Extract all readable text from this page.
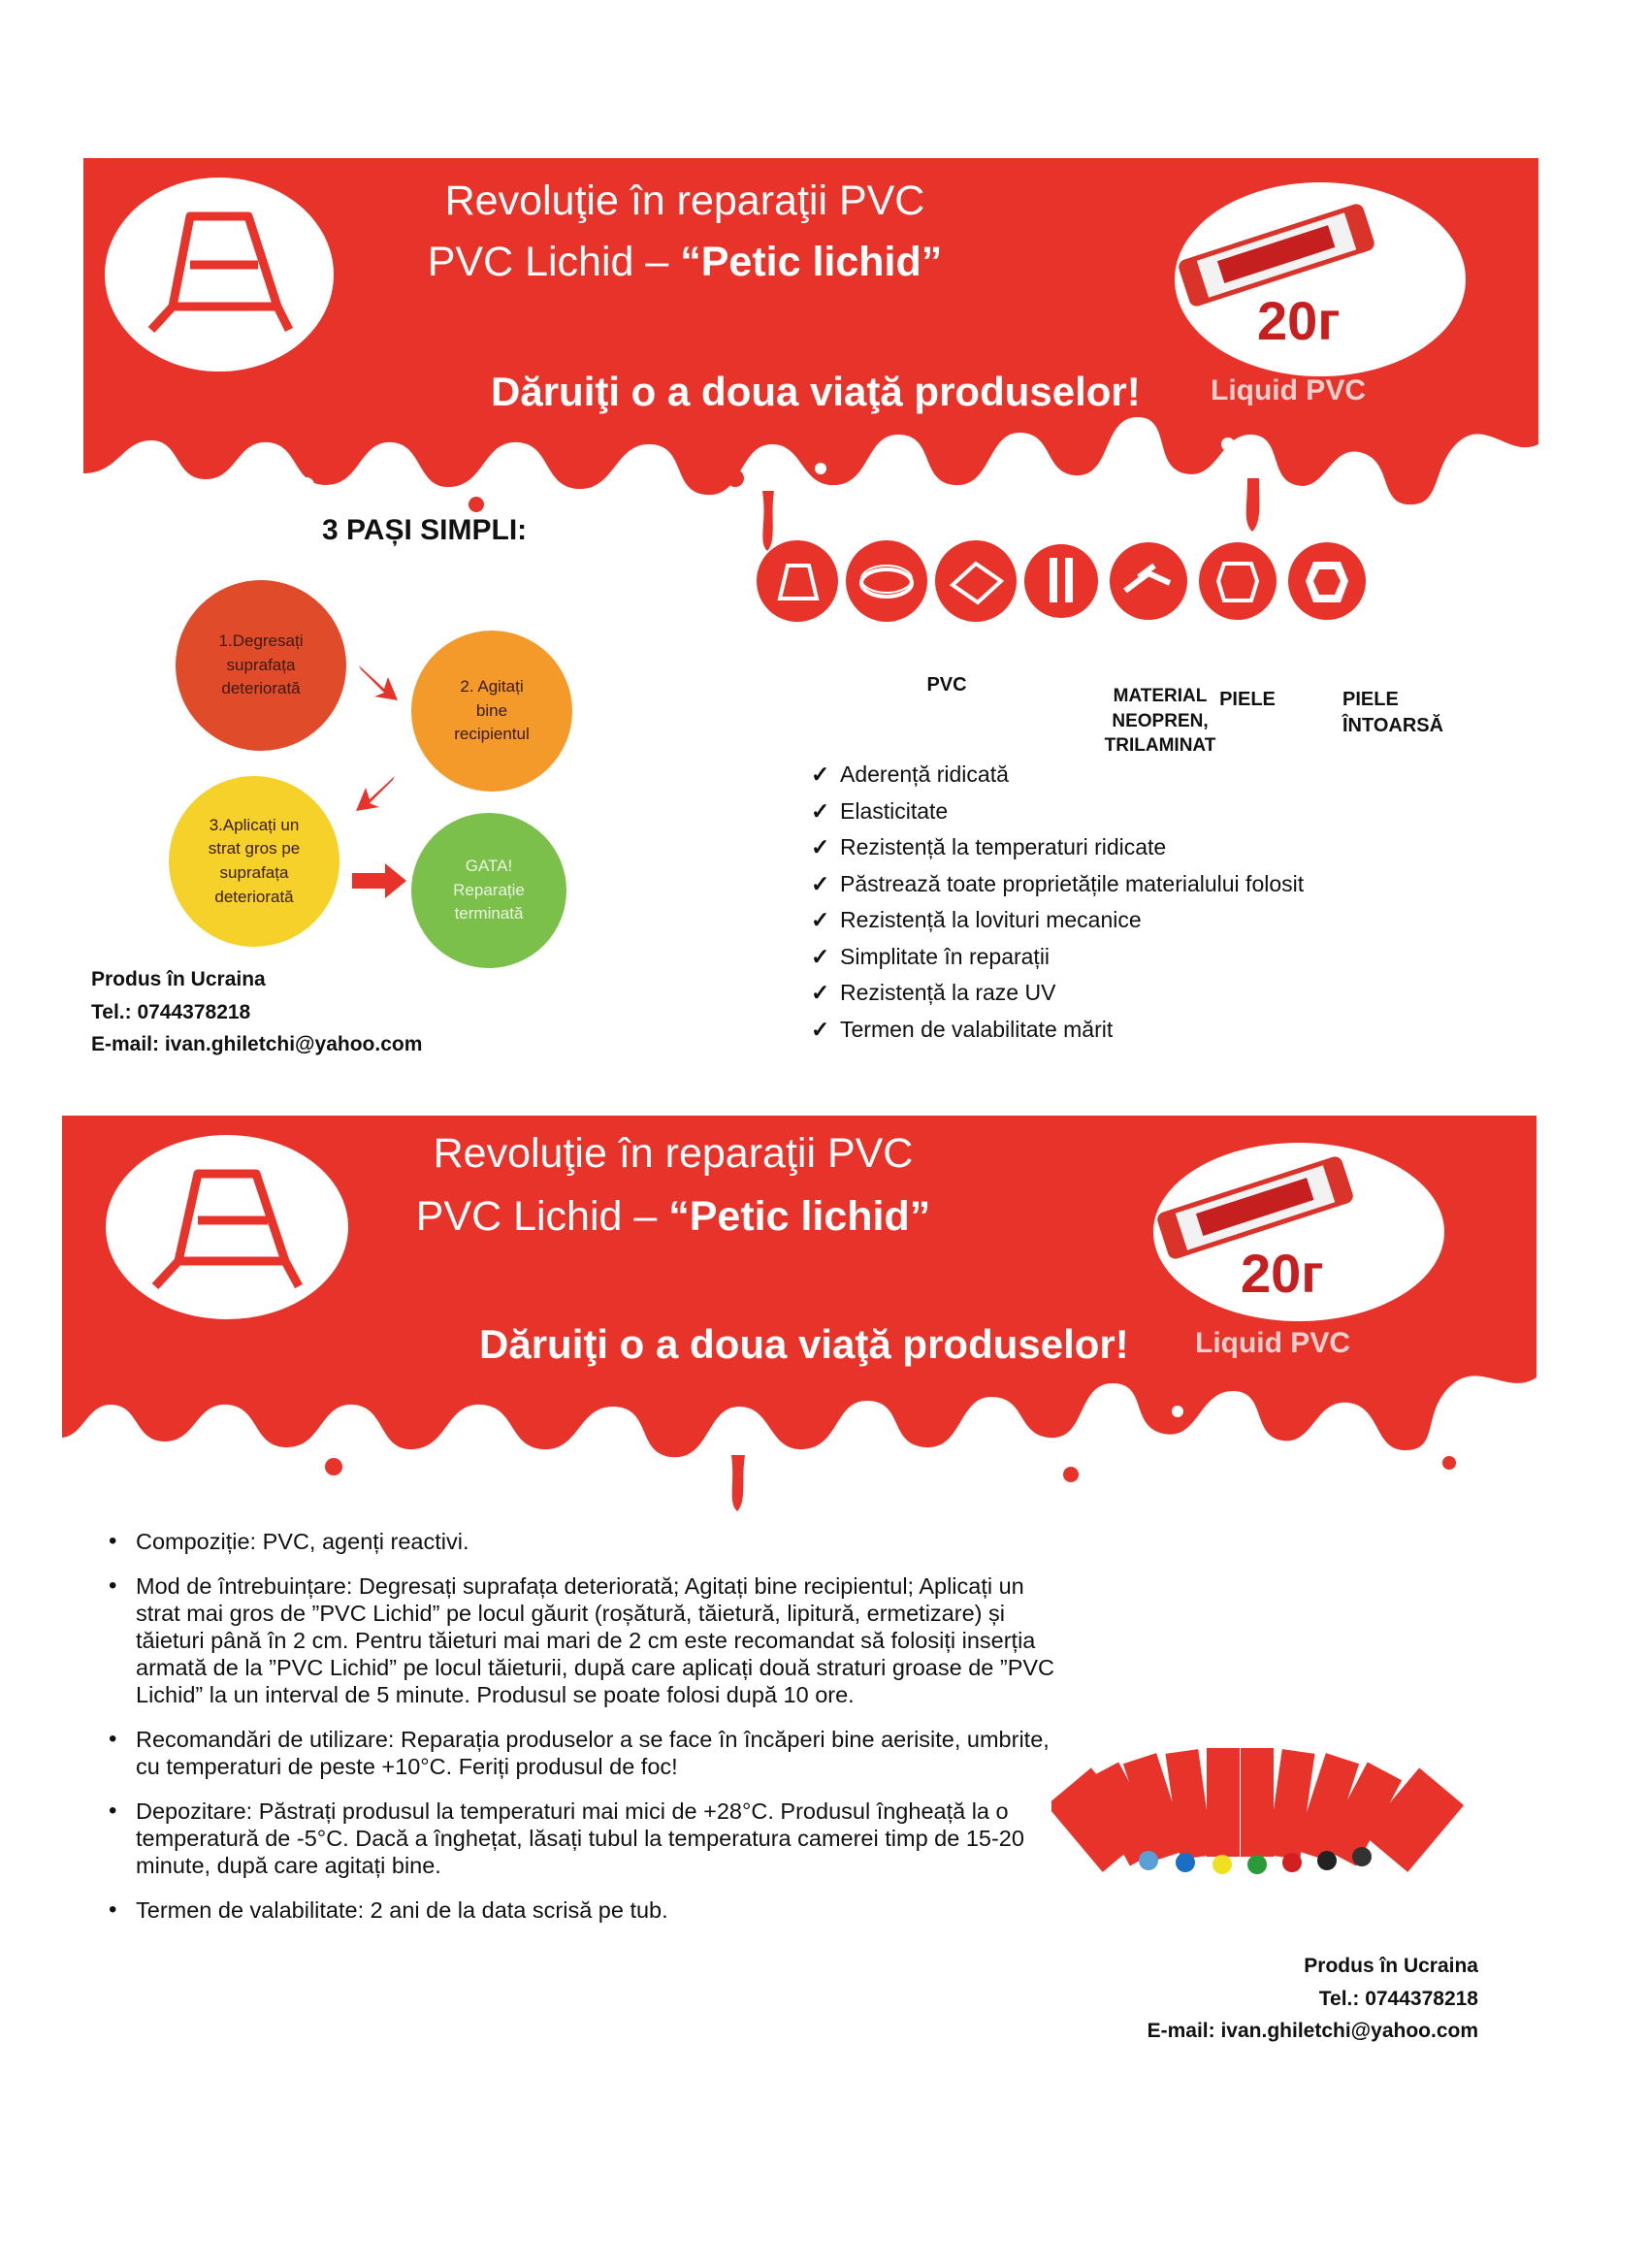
Revoluţie în reparaţii PVC
PVC Lichid – “Petic lichid”
20г
Dăruiţi o a doua viaţă produselor! Liquid PVC
3 PAȘI SIMPLI:
1.Degresați suprafața deteriorată	2. Agitați bine recipientul
3.Aplicați un strat gros pe suprafața deteriorată
GATA! Reparație terminată
Produs în Ucraina
Tel.: 0744378218
E-mail: ivan.ghiletchi@yahoo.com
PVC
MATERIAL NEOPREN, TRILAMINAT
PIELE	PIELE ÎNTOARSĂ
✓ Aderență ridicată
✓ Elasticitate
✓ Rezistență la temperaturi ridicate
✓ Păstrează toate proprietățile materialului folosit
✓ Rezistență la lovituri mecanice
✓ Simplitate în reparații
✓ Rezistență la raze UV
✓ Termen de valabilitate mărit
Revoluţie în reparaţii PVC
PVC Lichid – “Petic lichid”
20г
Dăruiţi o a doua viaţă produselor! Liquid PVC
• Compoziție: PVC, agenți reactivi.
• Mod de întrebuințare: Degresați suprafața deteriorată; Agitați bine recipientul; Aplicați un strat mai gros de ”PVC Lichid” pe locul găurit (roșătură, tăietură, lipitură, ermetizare) și tăieturi până în 2 cm. Pentru tăieturi mai mari de 2 cm este recomandat să folosiți inserția armată de la ”PVC Lichid” pe locul tăieturii, după care aplicați două straturi groase de ”PVC Lichid” la un interval de 5 minute. Produsul se poate folosi după 10 ore.
• Recomandări de utilizare: Reparația produselor a se face în încăperi bine aerisite, umbrite, cu temperaturi de peste +10°C. Feriți produsul de foc!
• Depozitare: Păstrați produsul la temperaturi mai mici de +28°C. Produsul îngheață la o temperatură de -5°C. Dacă a înghețat, lăsați tubul la temperatura camerei timp de 15-20 minute, după care agitați bine.
• Termen de valabilitate: 2 ani de la data scrisă pe tub.
Produs în Ucraina
Tel.: 0744378218
E-mail: ivan.ghiletchi@yahoo.com
